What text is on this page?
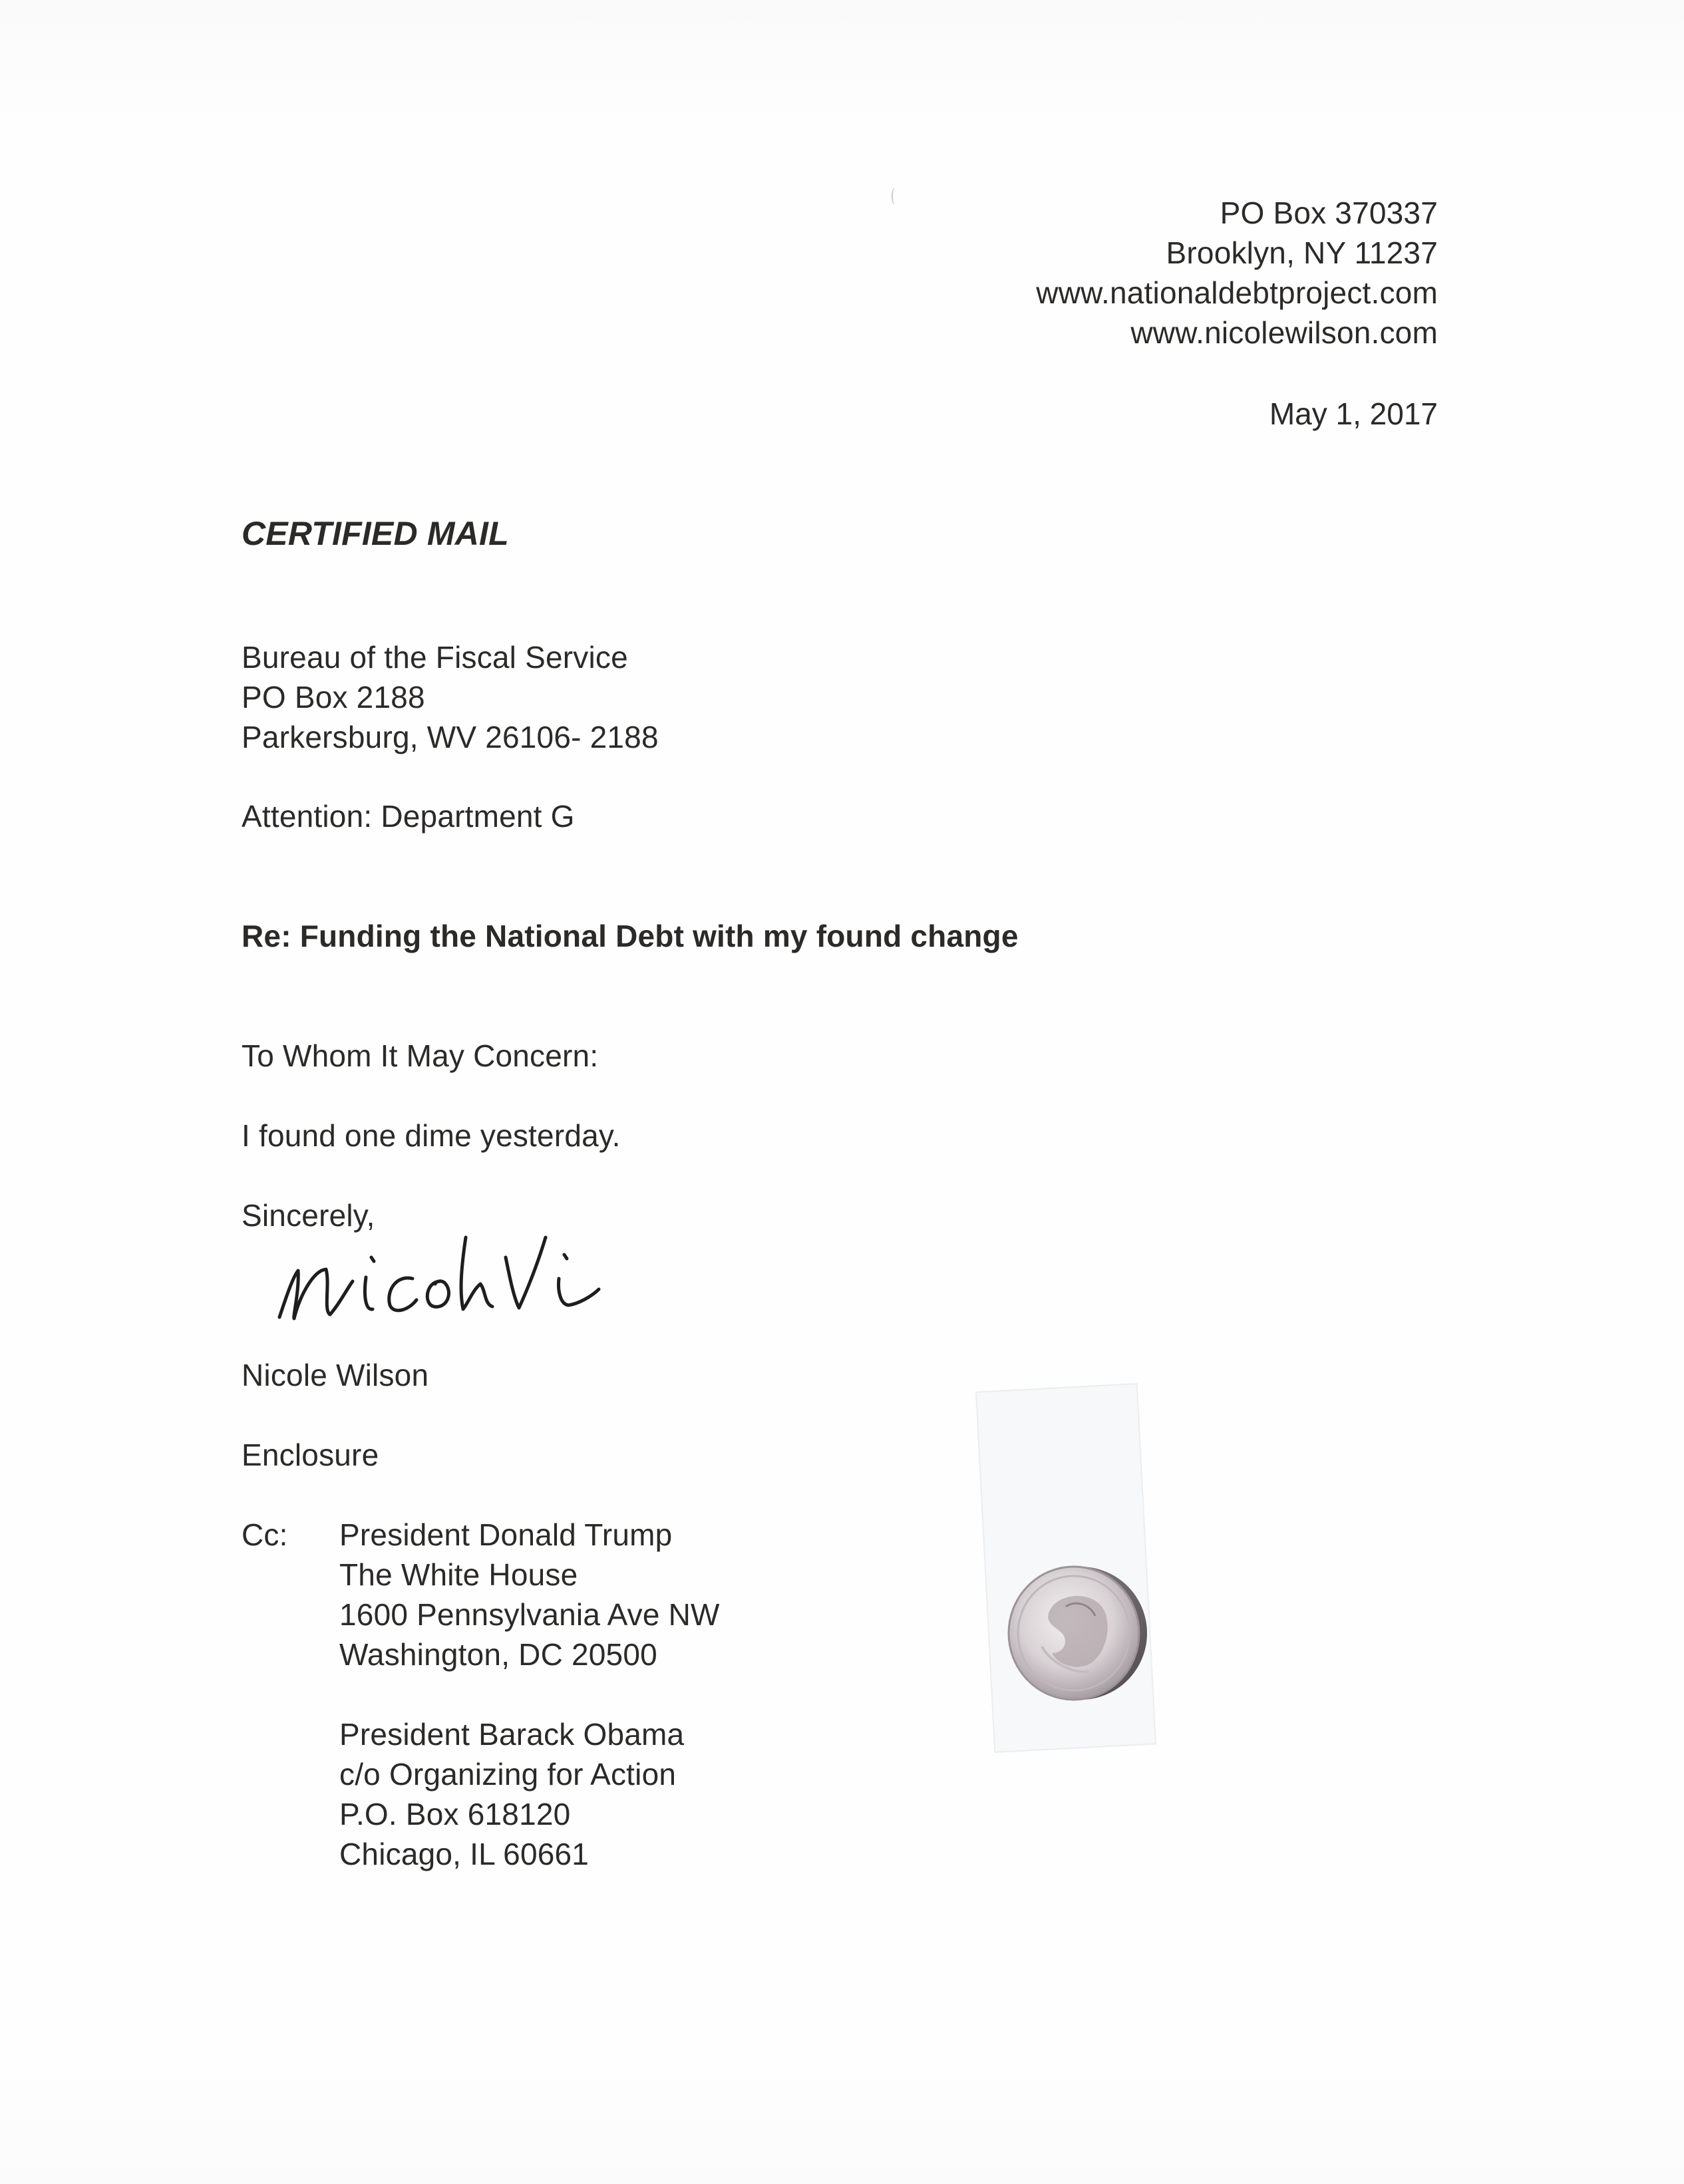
PO Box 370337
Brooklyn, NY 11237
www.nationaldebtproject.com
www.nicolewilson.com
May 1, 2017
CERTIFIED MAIL
Bureau of the Fiscal Service
PO Box 2188
Parkersburg, WV 26106- 2188
Attention: Department G
Re: Funding the National Debt with my found change
To Whom It May Concern:
I found one dime yesterday.
Sincerely,
Nicole Wilson
Enclosure
Cc: President Donald Trump
The White House
1600 Pennsylvania Ave NW
Washington, DC 20500
President Barack Obama
c/o Organizing for Action
P.O. Box 618120
Chicago, IL 60661
